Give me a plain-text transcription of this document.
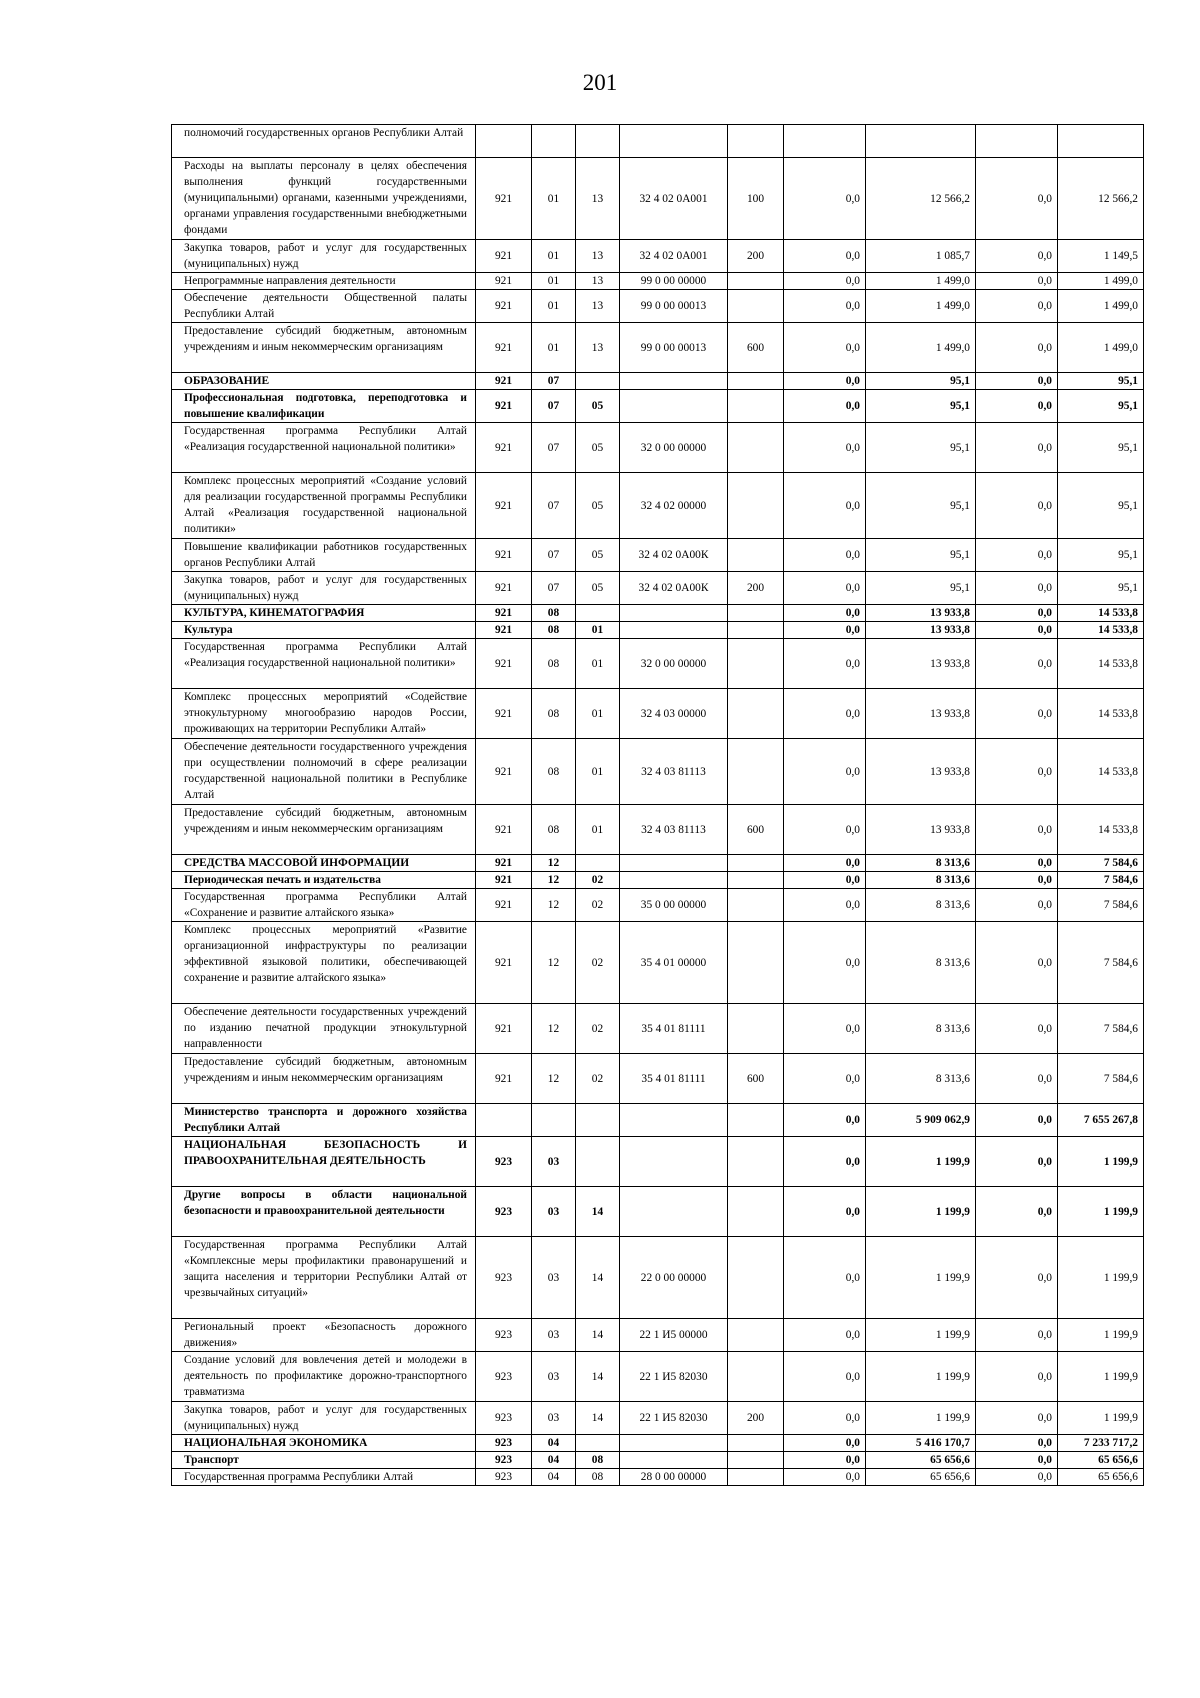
201
полномочий государственных органов Республики Алтай									
Расходы на выплаты персоналу в целях обеспечения выполнения функций государственными (муниципальными) органами, казенными учреждениями, органами управления государственными внебюджетными фондами	921	01	13	32 4 02 0А001	100	0,0	12 566,2	0,0	12 566,2
Закупка товаров, работ и услуг для государственных (муниципальных) нужд	921	01	13	32 4 02 0А001	200	0,0	1 085,7	0,0	1 149,5
Непрограммные направления деятельности	921	01	13	99 0 00 00000		0,0	1 499,0	0,0	1 499,0
Обеспечение деятельности Общественной палаты Республики Алтай	921	01	13	99 0 00 00013		0,0	1 499,0	0,0	1 499,0
Предоставление субсидий бюджетным, автономным учреждениям и иным некоммерческим организациям	921	01	13	99 0 00 00013	600	0,0	1 499,0	0,0	1 499,0
ОБРАЗОВАНИЕ	921	07				0,0	95,1	0,0	95,1
Профессиональная подготовка, переподготовка и повышение квалификации	921	07	05			0,0	95,1	0,0	95,1
Государственная программа Республики Алтай «Реализация государственной национальной политики»	921	07	05	32 0 00 00000		0,0	95,1	0,0	95,1
Комплекс процессных мероприятий «Создание условий для реализации государственной программы Республики Алтай «Реализация государственной национальной политики»	921	07	05	32 4 02 00000		0,0	95,1	0,0	95,1
Повышение квалификации работников государственных органов Республики Алтай	921	07	05	32 4 02 0А00К		0,0	95,1	0,0	95,1
Закупка товаров, работ и услуг для государственных (муниципальных) нужд	921	07	05	32 4 02 0А00К	200	0,0	95,1	0,0	95,1
КУЛЬТУРА, КИНЕМАТОГРАФИЯ	921	08				0,0	13 933,8	0,0	14 533,8
Культура	921	08	01			0,0	13 933,8	0,0	14 533,8
Государственная программа Республики Алтай «Реализация государственной национальной политики»	921	08	01	32 0 00 00000		0,0	13 933,8	0,0	14 533,8
Комплекс процессных мероприятий «Содействие этнокультурному многообразию народов России, проживающих на территории Республики Алтай»	921	08	01	32 4 03 00000		0,0	13 933,8	0,0	14 533,8
Обеспечение деятельности государственного учреждения при осуществлении полномочий в сфере реализации государственной национальной политики в Республике Алтай	921	08	01	32 4 03 81113		0,0	13 933,8	0,0	14 533,8
Предоставление субсидий бюджетным, автономным учреждениям и иным некоммерческим организациям	921	08	01	32 4 03 81113	600	0,0	13 933,8	0,0	14 533,8
СРЕДСТВА МАССОВОЙ ИНФОРМАЦИИ	921	12				0,0	8 313,6	0,0	7 584,6
Периодическая печать и издательства	921	12	02			0,0	8 313,6	0,0	7 584,6
Государственная программа Республики Алтай «Сохранение и развитие алтайского языка»	921	12	02	35 0 00 00000		0,0	8 313,6	0,0	7 584,6
Комплекс процессных мероприятий «Развитие организационной инфраструктуры по реализации эффективной языковой политики, обеспечивающей сохранение и развитие алтайского языка»	921	12	02	35 4 01 00000		0,0	8 313,6	0,0	7 584,6
Обеспечение деятельности государственных учреждений по изданию печатной продукции этнокультурной направленности	921	12	02	35 4 01 81111		0,0	8 313,6	0,0	7 584,6
Предоставление субсидий бюджетным, автономным учреждениям и иным некоммерческим организациям	921	12	02	35 4 01 81111	600	0,0	8 313,6	0,0	7 584,6
Министерство транспорта и дорожного хозяйства Республики Алтай						0,0	5 909 062,9	0,0	7 655 267,8
НАЦИОНАЛЬНАЯ БЕЗОПАСНОСТЬ И ПРАВООХРАНИТЕЛЬНАЯ ДЕЯТЕЛЬНОСТЬ	923	03				0,0	1 199,9	0,0	1 199,9
Другие вопросы в области национальной безопасности и правоохранительной деятельности	923	03	14			0,0	1 199,9	0,0	1 199,9
Государственная программа Республики Алтай «Комплексные меры профилактики правонарушений и защита населения и территории Республики Алтай от чрезвычайных ситуаций»	923	03	14	22 0 00 00000		0,0	1 199,9	0,0	1 199,9
Региональный проект «Безопасность дорожного движения»	923	03	14	22 1 И5 00000		0,0	1 199,9	0,0	1 199,9
Создание условий для вовлечения детей и молодежи в деятельность по профилактике дорожно-транспортного травматизма	923	03	14	22 1 И5 82030		0,0	1 199,9	0,0	1 199,9
Закупка товаров, работ и услуг для государственных (муниципальных) нужд	923	03	14	22 1 И5 82030	200	0,0	1 199,9	0,0	1 199,9
НАЦИОНАЛЬНАЯ ЭКОНОМИКА	923	04				0,0	5 416 170,7	0,0	7 233 717,2
Транспорт	923	04	08			0,0	65 656,6	0,0	65 656,6
Государственная программа Республики Алтай	923	04	08	28 0 00 00000		0,0	65 656,6	0,0	65 656,6
